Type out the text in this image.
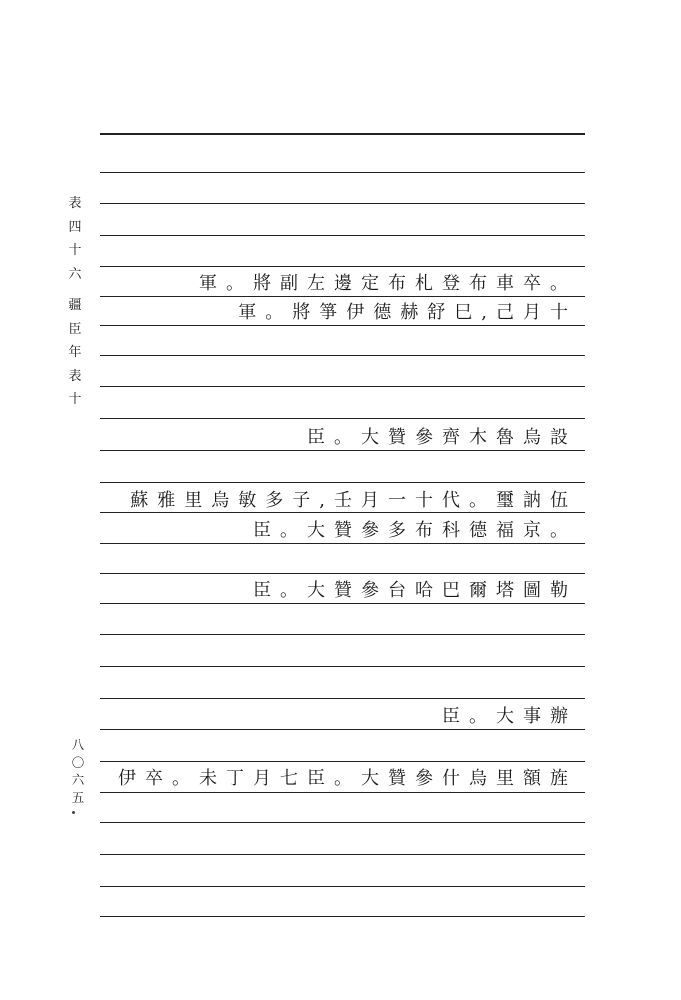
表
四
十
六
疆
臣
年
表
十
軍。將副左邊定布札登布車卒。
軍。將箏伊德赫舒巳,己月十
臣。大贊參齊木魯烏設
蘇雅里烏敏多子,壬月一十代。璽訥伍
臣。大贊參多布科德福京。
臣。大贊參台哈巴爾塔圖勒
臣。大事辦
伊卒。未丁月七臣。大贊參什烏里額旌
八
〇
六
五
